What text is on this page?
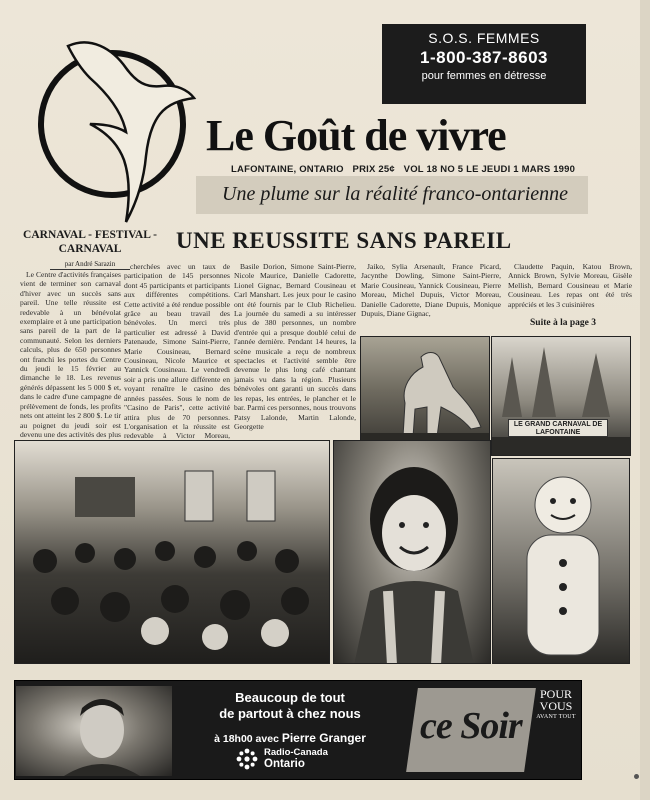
S.O.S. FEMMES
1-800-387-8603
pour femmes en détresse
Le Goût de vivre
LAFONTAINE, ONTARIO PRIX 25¢ VOL 18 NO 5 LE JEUDI 1 MARS 1990
Une plume sur la réalité franco-ontarienne
CARNAVAL - FESTIVAL - CARNAVAL
par André Sarazin
UNE REUSSITE SANS PAREIL

Le Centre d'activités françaises vient de terminer son carnaval d'hiver avec un succès sans pareil. Une telle réussite est redevable à un bénévolat exemplaire et à une participation sans pareil de la part de la communauté. Selon les derniers calculs, plus de 650 personnes ont franchi les portes du Centre du jeudi le 15 février au dimanche le 18. Les revenus générés dépassent les 5 000 $ et, dans le cadre d'une campagne de prélèvement de fonds, les profits nets ont atteint les 2 800 $. Le tir au poignet du jeudi soir est devenu une des activités des plus

cherchées avec un taux de participation de 145 personnes dont 45 participants et participants aux différentes compétitions. Cette activité a été rendue possible grâce au beau travail des bénévoles. Un merci très particulier est adressé à David Patenaude, Simone Saint-Pierre, Marie Cousineau, Bernard Cousineau, Nicole Maurice et Yannick Cousineau. Le vendredi soir a pris une allure différente en voyant renaître le casino des années passées. Sous le nom de "Casino de Paris", cette activité attira plus de 70 personnes. L'organisation et la réussite est redevable à Victor Moreau,

Basile Dorion, Simone Saint-Pierre, Nicole Maurice, Danielle Cadorette, Lionel Gignac, Bernard Cousineau et Carl Manshart. Les jeux pour le casino ont été fournis par le Club Richelieu. La journée du samedi a su intéresser plus de 380 personnes, un nombre d'entrée qui a presque doublé celui de l'année dernière. Pendant 14 heures, la scène musicale a reçu de nombreux spectacles et l'activité semble être devenue le plus long café chantant jamais vu dans la région. Plusieurs bénévoles ont garanti un succès dans les repas, les entrées, le plancher et le bar. Parmi ces personnes, nous trouvons Patsy Lalonde, Martin Lalonde, Georgette

Jaiko, Sylia Arsenault, France Picard, Jacynthe Dowling, Simone Saint-Pierre, Marie Cousineau, Yannick Cousineau, Pierre Moreau, Michel Dupuis, Victor Moreau, Danielle Cadorette, Diane Dupuis, Monique Dupuis, Diane Gignac,

Claudette Paquin, Katou Brown, Annick Brown, Sylvie Moreau, Gisèle Mellish, Bernard Cousineau et Marie Cousineau. Les repas ont été très appréciés et les 3 cuisinières

Suite à la page 3
LE GRAND CARNAVAL DE LAFONTAINE
Beaucoup de tout
de partout à chez nous
à 18h00 avec Pierre Granger
Radio-Canada
Ontario
ce Soir
POUR VOUS
AVANT TOUT
